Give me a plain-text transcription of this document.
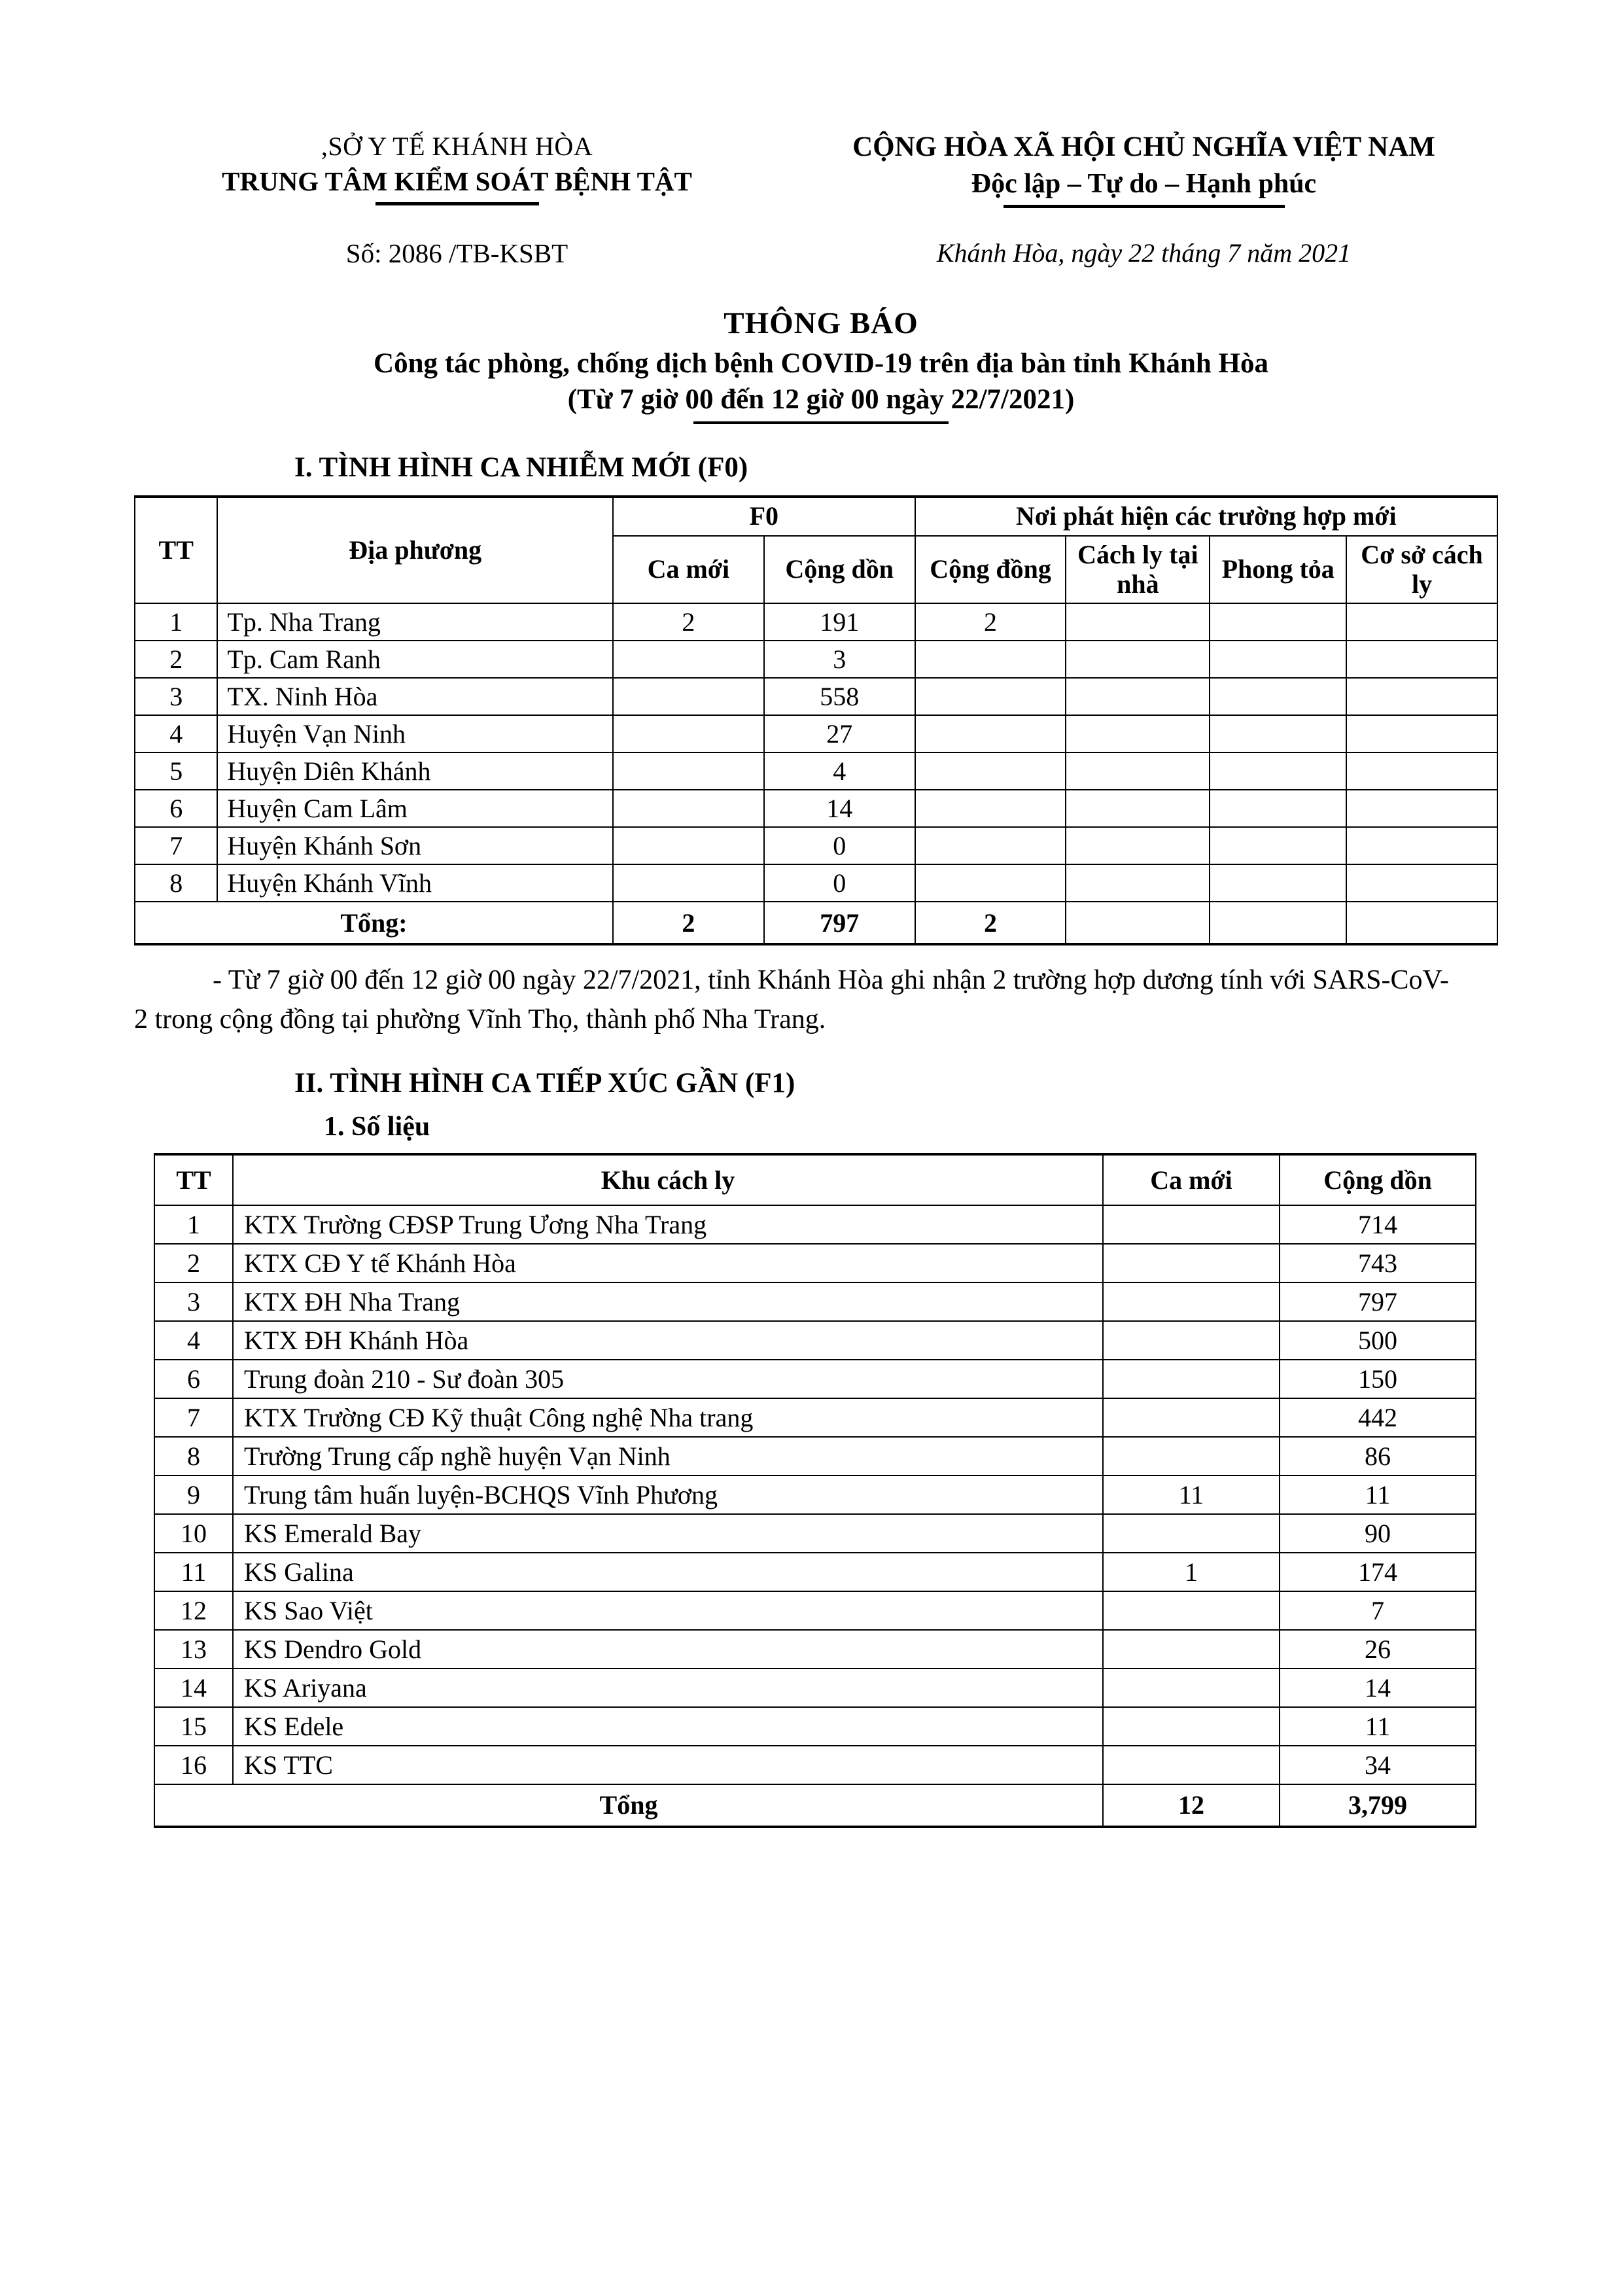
,SỞ Y TẾ KHÁNH HÒA
TRUNG TÂM KIỂM SOÁT BỆNH TẬT
CỘNG HÒA XÃ HỘI CHỦ NGHĨA VIỆT NAM
Độc lập – Tự do – Hạnh phúc
Số: 2086 /TB-KSBT	Khánh Hòa, ngày 22 tháng 7 năm 2021
THÔNG BÁO
Công tác phòng, chống dịch bệnh COVID-19 trên địa bàn tỉnh Khánh Hòa
(Từ 7 giờ 00 đến 12 giờ 00 ngày 22/7/2021)
I. TÌNH HÌNH CA NHIỄM MỚI (F0)
TT	Địa phương	F0		Nơi phát hiện các trường hợp mới			
		Ca mới	Cộng dồn	Cộng đồng	Cách ly tại nhà	Phong tỏa	Cơ sở cách ly
1	Tp. Nha Trang	2	191	2			
2	Tp. Cam Ranh		3				
3	TX. Ninh Hòa		558				
4	Huyện Vạn Ninh		27				
5	Huyện Diên Khánh		4				
6	Huyện Cam Lâm		14				
7	Huyện Khánh Sơn		0				
8	Huyện Khánh Vĩnh		0				
Tổng:		2	797	2			
- Từ 7 giờ 00 đến 12 giờ 00 ngày 22/7/2021, tỉnh Khánh Hòa ghi nhận 2 trường hợp dương tính với SARS-CoV-2 trong cộng đồng tại phường Vĩnh Thọ, thành phố Nha Trang.
II. TÌNH HÌNH CA TIẾP XÚC GẦN (F1)
1. Số liệu
TT	Khu cách ly	Ca mới	Cộng dồn
1	KTX Trường CĐSP Trung Ương Nha Trang		714
2	KTX CĐ Y tế Khánh Hòa		743
3	KTX ĐH Nha Trang		797
4	KTX ĐH Khánh Hòa		500
6	Trung đoàn 210 - Sư đoàn 305		150
7	KTX Trường CĐ Kỹ thuật Công nghệ Nha trang		442
8	Trường Trung cấp nghề huyện Vạn Ninh		86
9	Trung tâm huấn luyện-BCHQS Vĩnh Phương	11	11
10	KS Emerald Bay		90
11	KS Galina	1	174
12	KS Sao Việt		7
13	KS Dendro Gold		26
14	KS Ariyana		14
15	KS Edele		11
16	KS TTC		34
Tổng		12	3,799
